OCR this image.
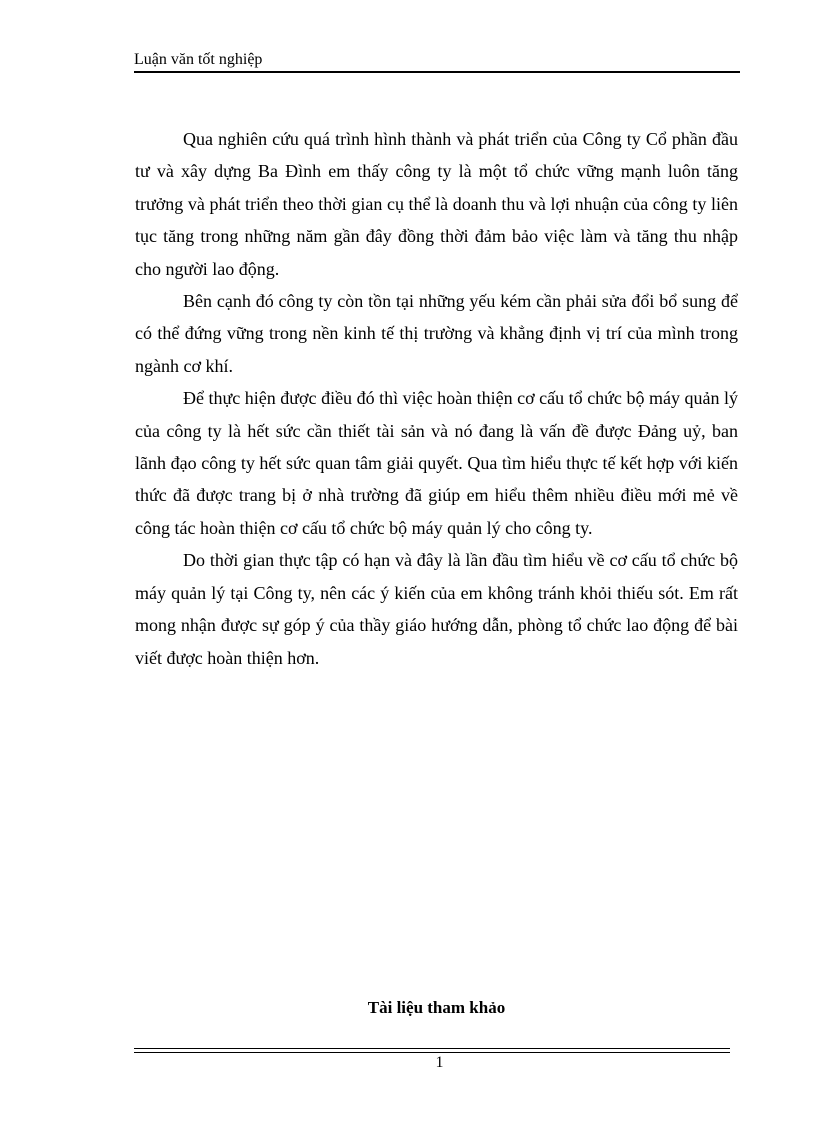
Luận văn tốt nghiệp

Qua nghiên cứu quá trình hình thành và phát triển của Công ty Cổ phần đầu tư và xây dựng Ba Đình em thấy công ty là một tổ chức vững mạnh luôn tăng trưởng và phát triển theo thời gian cụ thể là doanh thu và lợi nhuận của công ty liên tục tăng trong những năm gần đây đồng thời đảm bảo việc làm và tăng thu nhập cho người lao động.

Bên cạnh đó công ty còn tồn tại những yếu kém cần phải sửa đổi bổ sung để có thể đứng vững trong nền kinh tế thị trường và khẳng định vị trí của mình trong ngành cơ khí.

Để thực hiện được điều đó thì việc hoàn thiện cơ cấu tổ chức bộ máy quản lý của công ty là hết sức cần thiết tài sản và nó đang là vấn đề được Đảng uỷ, ban lãnh đạo công ty hết sức quan tâm giải quyết. Qua tìm hiểu thực tế kết hợp với kiến thức đã được trang bị ở nhà trường đã giúp em hiểu thêm nhiều điều mới mẻ về công tác hoàn thiện cơ cấu tổ chức bộ máy quản lý cho công ty.

Do thời gian thực tập có hạn và đây là lần đầu tìm hiểu về cơ cấu tổ chức bộ máy quản lý tại Công ty, nên các ý kiến của em không tránh khỏi thiếu sót. Em rất mong nhận được sự góp ý của thầy giáo hướng dẫn, phòng tổ chức lao động để bài viết được hoàn thiện hơn.

Tài liệu tham khảo
1
